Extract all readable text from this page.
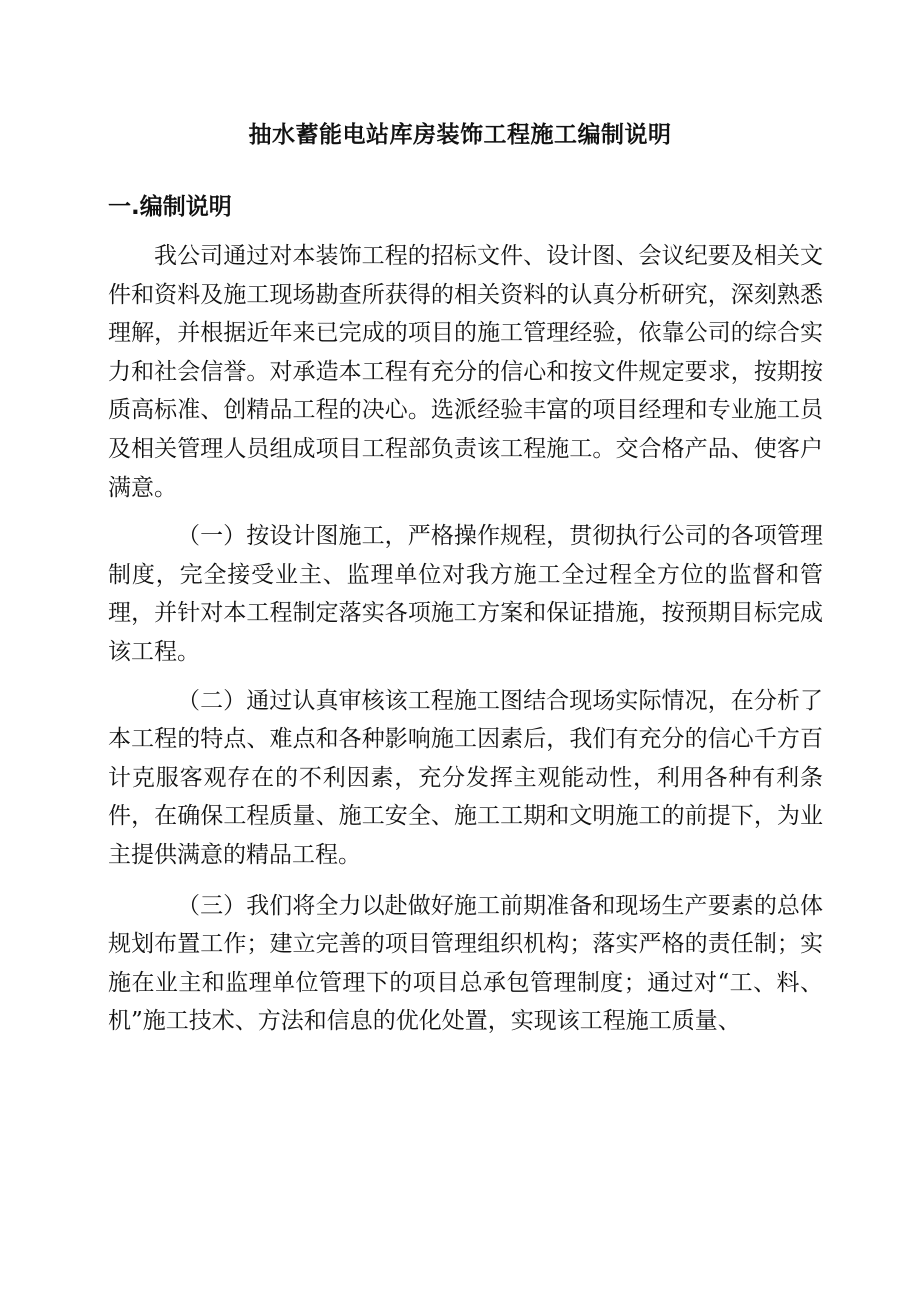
抽水蓄能电站库房装饰工程施工编制说明
一.编制说明

我公司通过对本装饰工程的招标文件、设计图、会议纪要及相关文件和资料及施工现场勘查所获得的相关资料的认真分析研究，深刻熟悉理解，并根据近年来已完成的项目的施工管理经验，依靠公司的综合实力和社会信誉。对承造本工程有充分的信心和按文件规定要求，按期按质高标准、创精品工程的决心。选派经验丰富的项目经理和专业施工员及相关管理人员组成项目工程部负责该工程施工。交合格产品、使客户满意。

（一）按设计图施工，严格操作规程，贯彻执行公司的各项管理制度，完全接受业主、监理单位对我方施工全过程全方位的监督和管理，并针对本工程制定落实各项施工方案和保证措施，按预期目标完成该工程。

（二）通过认真审核该工程施工图结合现场实际情况，在分析了本工程的特点、难点和各种影响施工因素后，我们有充分的信心千方百计克服客观存在的不利因素，充分发挥主观能动性，利用各种有利条件，在确保工程质量、施工安全、施工工期和文明施工的前提下，为业主提供满意的精品工程。

（三）我们将全力以赴做好施工前期准备和现场生产要素的总体规划布置工作；建立完善的项目管理组织机构；落实严格的责任制；实施在业主和监理单位管理下的项目总承包管理制度；通过对“工、料、机”施工技术、方法和信息的优化处置，实现该工程施工质量、
